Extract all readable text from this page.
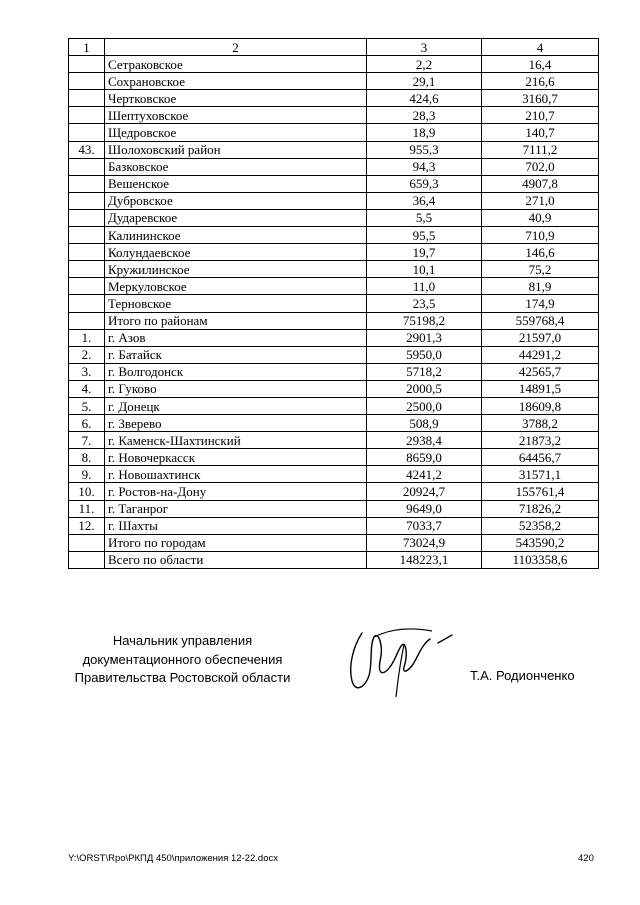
1	2	3	4
	Сетраковское	2,2	16,4
	Сохрановское	29,1	216,6
	Чертковское	424,6	3160,7
	Шептуховское	28,3	210,7
	Щедровское	18,9	140,7
43.	Шолоховский район	955,3	7111,2
	Базковское	94,3	702,0
	Вешенское	659,3	4907,8
	Дубровское	36,4	271,0
	Дударевское	5,5	40,9
	Калининское	95,5	710,9
	Колундаевское	19,7	146,6
	Кружилинское	10,1	75,2
	Меркуловское	11,0	81,9
	Терновское	23,5	174,9
	Итого по районам	75198,2	559768,4
1.	г. Азов	2901,3	21597,0
2.	г. Батайск	5950,0	44291,2
3.	г. Волгодонск	5718,2	42565,7
4.	г. Гуково	2000,5	14891,5
5.	г. Донецк	2500,0	18609,8
6.	г. Зверево	508,9	3788,2
7.	г. Каменск-Шахтинский	2938,4	21873,2
8.	г. Новочеркасск	8659,0	64456,7
9.	г. Новошахтинск	4241,2	31571,1
10.	г. Ростов-на-Дону	20924,7	155761,4
11.	г. Таганрог	9649,0	71826,2
12.	г. Шахты	7033,7	52358,2
	Итого по городам	73024,9	543590,2
	Всего по области	148223,1	1103358,6
Начальник управления
документационного обеспечения
Правительства Ростовской области	Т.А. Родионченко
Y:\ORST\Rpo\РКПД 450\приложения 12-22.docx	420
